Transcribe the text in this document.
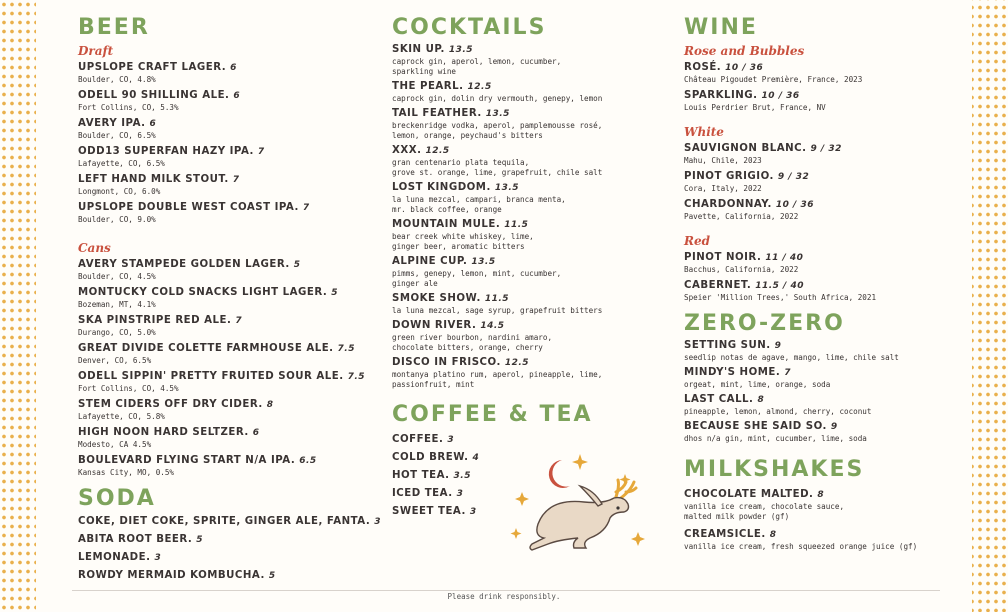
BEER
Draft
UPSLOPE CRAFT LAGER. 6
Boulder, CO, 4.8%
ODELL 90 SHILLING ALE. 6
Fort Collins, CO, 5.3%
AVERY IPA. 6
Boulder, CO, 6.5%
ODD13 SUPERFAN HAZY IPA. 7
Lafayette, CO, 6.5%
LEFT HAND MILK STOUT. 7
Longmont, CO, 6.0%
UPSLOPE DOUBLE WEST COAST IPA. 7
Boulder, CO, 9.0%
Cans
AVERY STAMPEDE GOLDEN LAGER. 5
Boulder, CO, 4.5%
MONTUCKY COLD SNACKS LIGHT LAGER. 5
Bozeman, MT, 4.1%
SKA PINSTRIPE RED ALE. 7
Durango, CO, 5.0%
GREAT DIVIDE COLETTE FARMHOUSE ALE. 7.5
Denver, CO, 6.5%
ODELL SIPPIN' PRETTY FRUITED SOUR ALE. 7.5
Fort Collins, CO, 4.5%
STEM CIDERS OFF DRY CIDER. 8
Lafayette, CO, 5.8%
HIGH NOON HARD SELTZER. 6
Modesto, CA 4.5%
BOULEVARD FLYING START N/A IPA. 6.5
Kansas City, MO, 0.5%
SODA
COKE, DIET COKE, SPRITE, GINGER ALE, FANTA. 3
ABITA ROOT BEER. 5
LEMONADE. 3
ROWDY MERMAID KOMBUCHA. 5
COCKTAILS
SKIN UP. 13.5
caprock gin, aperol, lemon, cucumber,
sparkling wine
THE PEARL. 12.5
caprock gin, dolin dry vermouth, genepy, lemon
TAIL FEATHER. 13.5
breckenridge vodka, aperol, pamplemousse rosé,
lemon, orange, peychaud's bitters
XXX. 12.5
gran centenario plata tequila,
grove st. orange, lime, grapefruit, chile salt
LOST KINGDOM. 13.5
la luna mezcal, campari, branca menta,
mr. black coffee, orange
MOUNTAIN MULE. 11.5
bear creek white whiskey, lime,
ginger beer, aromatic bitters
ALPINE CUP. 13.5
pimms, genepy, lemon, mint, cucumber,
ginger ale
SMOKE SHOW. 11.5
la luna mezcal, sage syrup, grapefruit bitters
DOWN RIVER. 14.5
green river bourbon, nardini amaro,
chocolate bitters, orange, cherry
DISCO IN FRISCO. 12.5
montanya platino rum, aperol, pineapple, lime,
passionfruit, mint
COFFEE & TEA
COFFEE. 3
COLD BREW. 4
HOT TEA. 3.5
ICED TEA. 3
SWEET TEA. 3
WINE
Rose and Bubbles
ROSÉ. 10 / 36
Château Pigoudet Première, France, 2023
SPARKLING. 10 / 36
Louis Perdrier Brut, France, NV
White
SAUVIGNON BLANC. 9 / 32
Mahu, Chile, 2023
PINOT GRIGIO. 9 / 32
Cora, Italy, 2022
CHARDONNAY. 10 / 36
Pavette, California, 2022
Red
PINOT NOIR. 11 / 40
Bacchus, California, 2022
CABERNET. 11.5 / 40
Speier 'Million Trees,' South Africa, 2021
ZERO-ZERO
SETTING SUN. 9
seedlip notas de agave, mango, lime, chile salt
MINDY'S HOME. 7
orgeat, mint, lime, orange, soda
LAST CALL. 8
pineapple, lemon, almond, cherry, coconut
BECAUSE SHE SAID SO. 9
dhos n/a gin, mint, cucumber, lime, soda
MILKSHAKES
CHOCOLATE MALTED. 8
vanilla ice cream, chocolate sauce,
malted milk powder (gf)
CREAMSICLE. 8
vanilla ice cream, fresh squeezed orange juice (gf)
Please drink responsibly.
